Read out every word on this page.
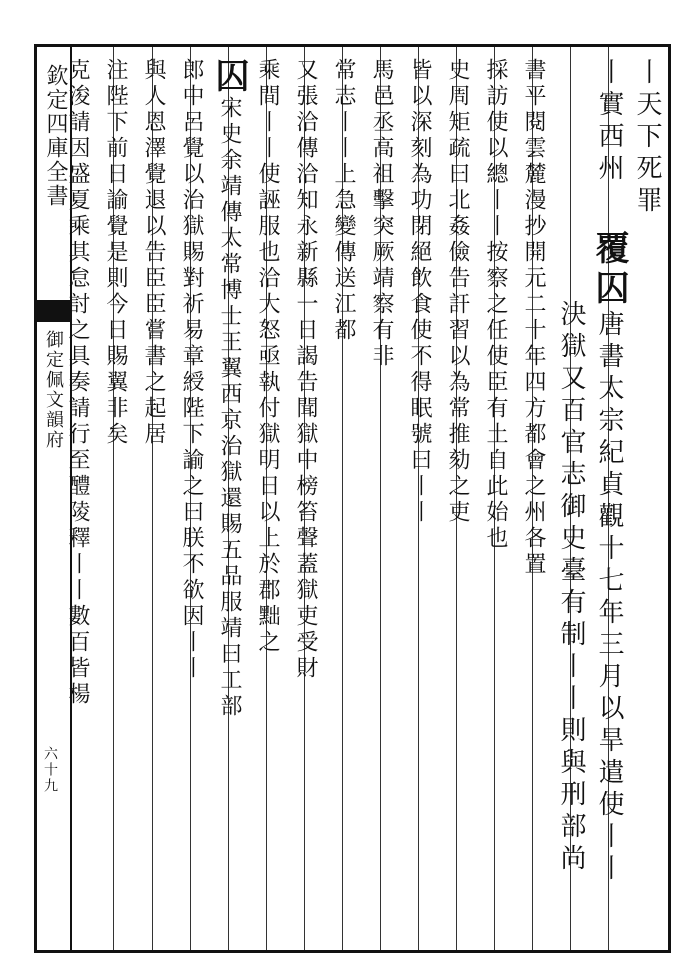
欽定四庫全書
御定佩文韻府
六十九
丨天下死罪
丨實西州
覆囚唐書太宗紀貞觀十七年三月以旱遣使丨丨
決獄又百官志御史臺有制丨丨則與刑部尚
書平閱雲麓漫抄開元二十年四方都會之州各置
採訪使以總丨丨按察之任使臣有土自此始也
史周矩疏曰北姦儉告訐習以為常推劾之吏
皆以深刻為功閉絕飲食使不得眠號曰丨丨
馬邑丞高祖擊突厥靖察有非
常志丨丨上急變傳送江都
又張洽傳洽知永新縣一日謁告聞獄中榜笞聲蓋獄吏受財
乘間丨丨使誣服也洽大怒亟執付獄明日以上於郡黜之
囚宋史余靖傳太常博士王翼西京治獄還賜五品服靖曰工部
郎中呂覺以治獄賜對祈易章綬陛下諭之曰朕不欲因丨丨
與人恩澤覺退以告臣臣嘗書之起居
注陛下前日諭覺是則今日賜翼非矣
克浚請因盛夏乘其怠討之具奏請行至醴陵釋丨丨數百皆楊
